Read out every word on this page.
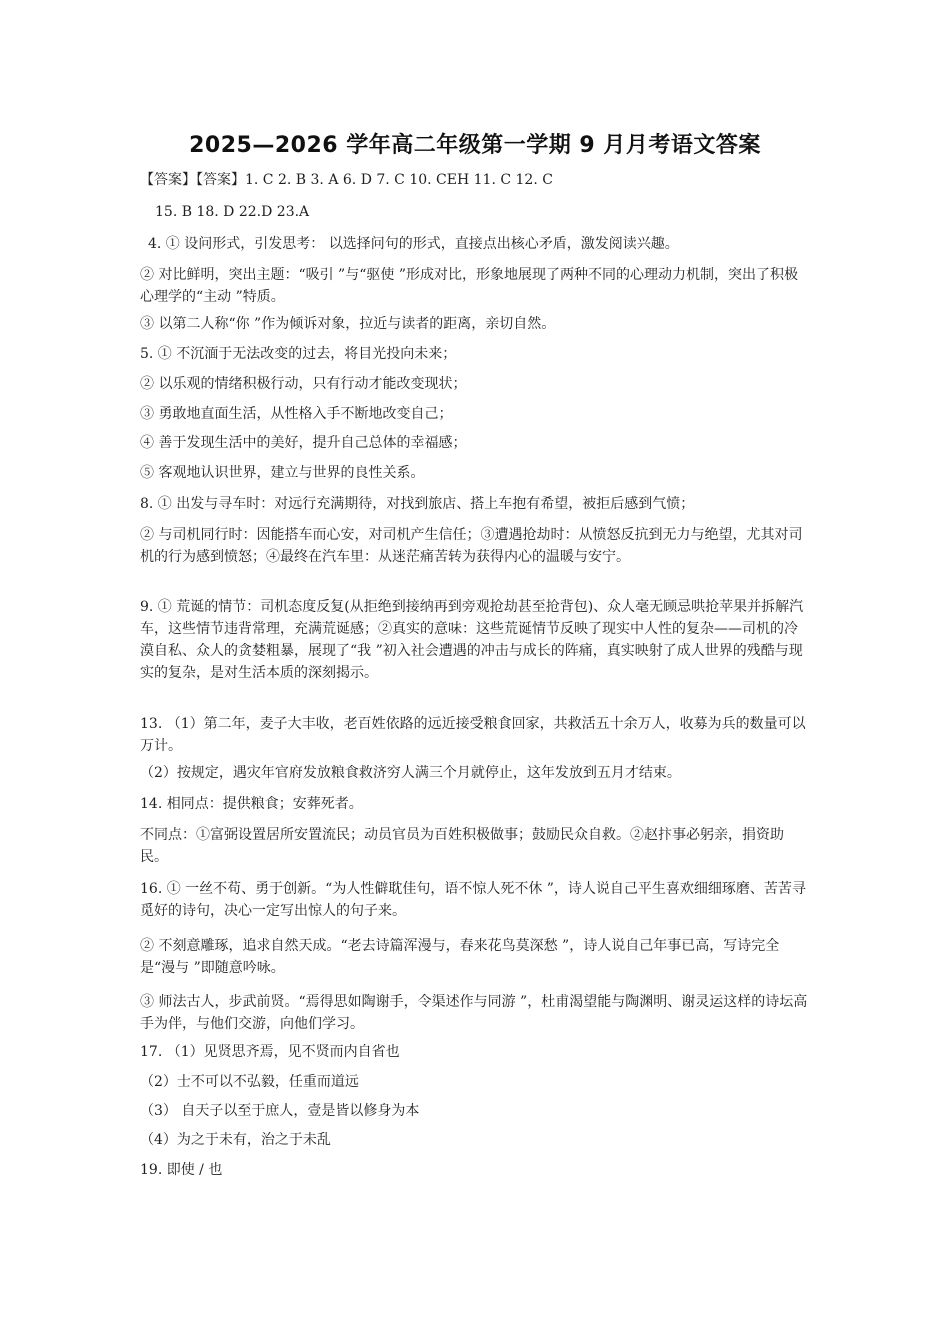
2025—2026 学年高二年级第一学期 9 月月考语文答案
【答案】【答案】1. C 2. B 3. A 6. D 7. C 10. CEH 11. C 12. C
15. B 18. D 22.D 23.A
4. ① 设问形式，引发思考： 以选择问句的形式，直接点出核心矛盾，激发阅读兴趣。
② 对比鲜明，突出主题：“吸引 ”与“驱使 ”形成对比，形象地展现了两种不同的心理动力机制，突出了积极心理学的“主动 ”特质。
③ 以第二人称“你 ”作为倾诉对象，拉近与读者的距离，亲切自然。
5. ① 不沉湎于无法改变的过去，将目光投向未来；
② 以乐观的情绪积极行动，只有行动才能改变现状；
③ 勇敢地直面生活，从性格入手不断地改变自己；
④ 善于发现生活中的美好，提升自己总体的幸福感；
⑤ 客观地认识世界，建立与世界的良性关系。
8. ① 出发与寻车时：对远行充满期待，对找到旅店、搭上车抱有希望，被拒后感到气愤；
② 与司机同行时：因能搭车而心安，对司机产生信任；③遭遇抢劫时：从愤怒反抗到无力与绝望，尤其对司机的行为感到愤怒；④最终在汽车里：从迷茫痛苦转为获得内心的温暖与安宁。
9. ① 荒诞的情节：司机态度反复(从拒绝到接纳再到旁观抢劫甚至抢背包)、众人毫无顾忌哄抢苹果并拆解汽车，这些情节违背常理，充满荒诞感；②真实的意味：这些荒诞情节反映了现实中人性的复杂——司机的冷漠自私、众人的贪婪粗暴，展现了“我 ”初入社会遭遇的冲击与成长的阵痛，真实映射了成人世界的残酷与现实的复杂，是对生活本质的深刻揭示。
13. （1）第二年，麦子大丰收，老百姓依路的远近接受粮食回家，共救活五十余万人，收募为兵的数量可以万计。
（2）按规定，遇灾年官府发放粮食救济穷人满三个月就停止，这年发放到五月才结束。
14. 相同点：提供粮食；安葬死者。
不同点：①富弼设置居所安置流民；动员官员为百姓积极做事；鼓励民众自救。②赵抃事必躬亲，捐资助民。
16. ① 一丝不苟、勇于创新。“为人性僻耽佳句，语不惊人死不休 ”，诗人说自己平生喜欢细细琢磨、苦苦寻觅好的诗句，决心一定写出惊人的句子来。
② 不刻意雕琢，追求自然天成。“老去诗篇浑漫与，春来花鸟莫深愁 ”，诗人说自己年事已高，写诗完全是“漫与 ”即随意吟咏。
③ 师法古人，步武前贤。“焉得思如陶谢手，令渠述作与同游 ”，杜甫渴望能与陶渊明、谢灵运这样的诗坛高手为伴，与他们交游，向他们学习。
17. （1）见贤思齐焉，见不贤而内自省也
（2）士不可以不弘毅，任重而道远
（3） 自天子以至于庶人，壹是皆以修身为本
（4）为之于未有，治之于未乱
19. 即使 / 也
